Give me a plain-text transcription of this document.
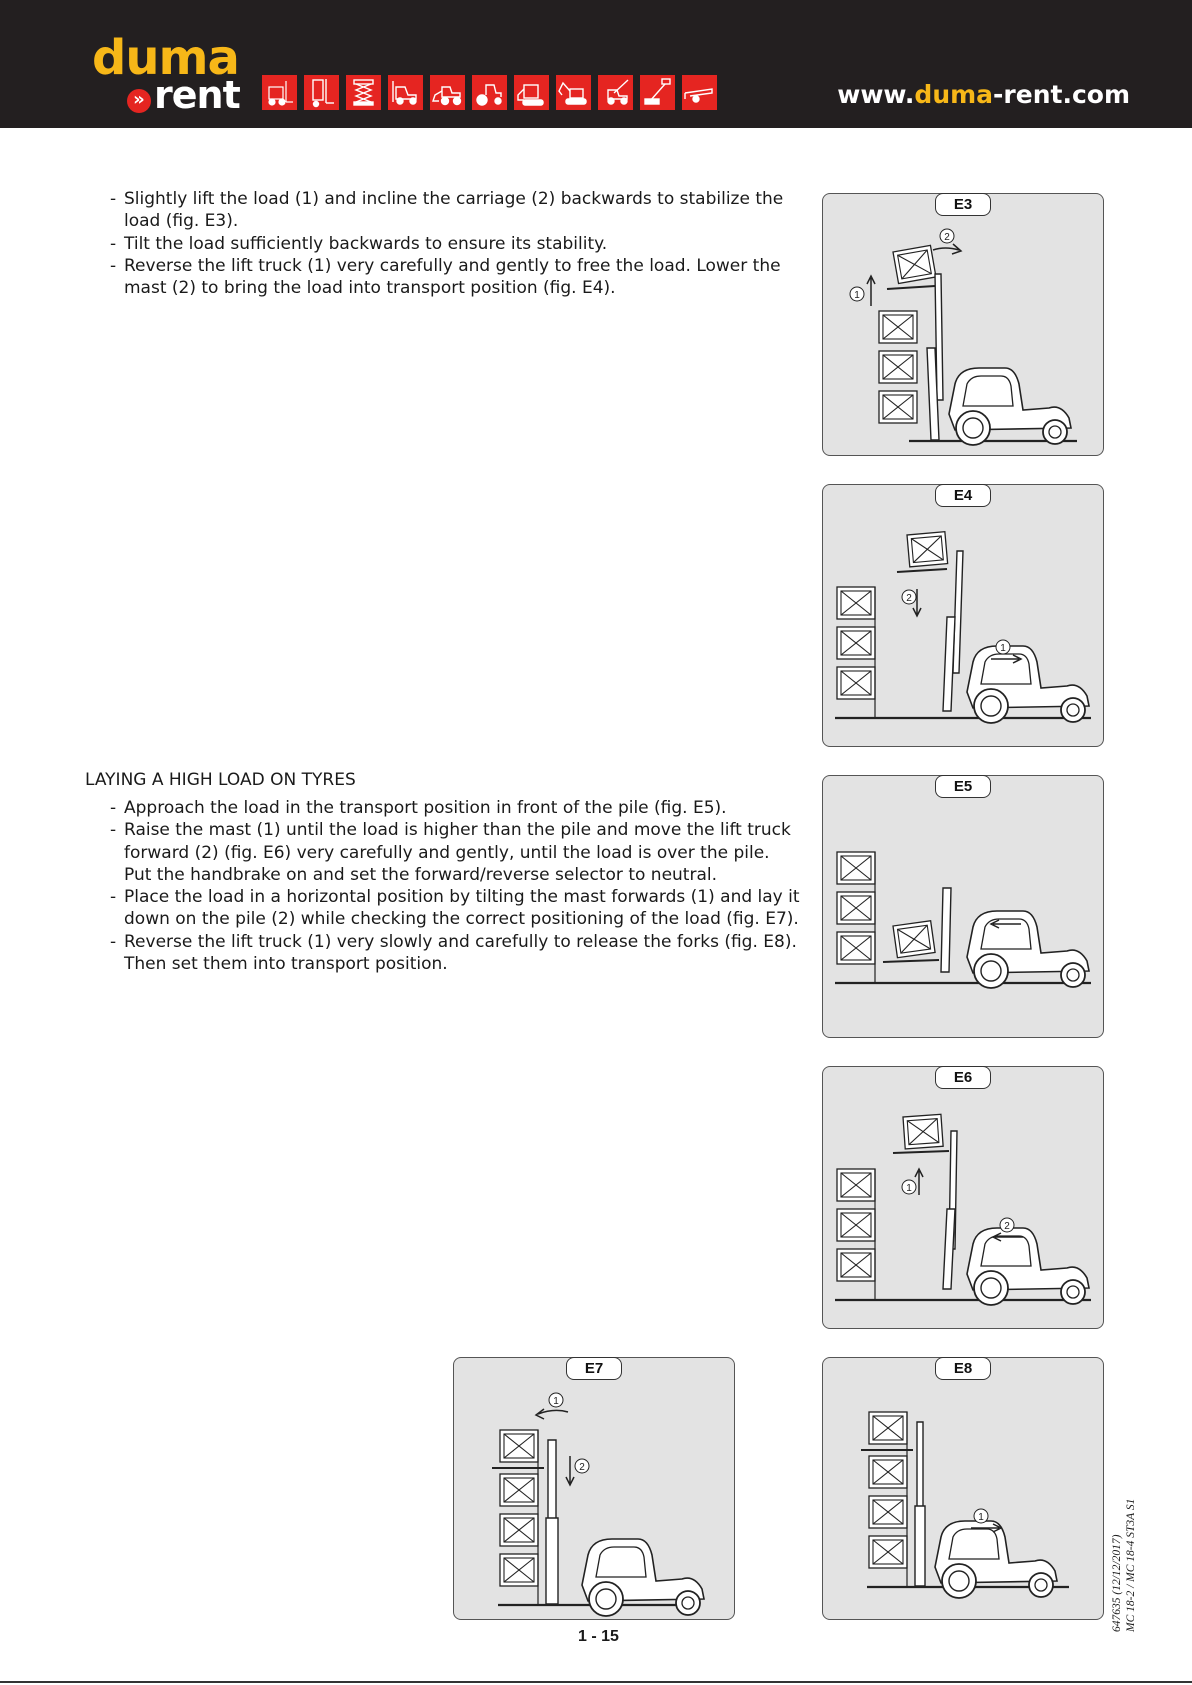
duma
» rent	www.duma-rent.com

- Slightly lift the load (1) and incline the carriage (2) backwards to stabilize the load (fig. E3).

- Tilt the load sufficiently backwards to ensure its stability.

- Reverse the lift truck (1) very carefully and gently to free the load. Lower the mast (2) to bring the load into transport position (fig. E4).

LAYING A HIGH LOAD ON TYRES

- Approach the load in the transport position in front of the pile (fig. E5).

- Raise the mast (1) until the load is higher than the pile and move the lift truck forward (2) (fig. E6) very carefully and gently, until the load is over the pile. Put the handbrake on and set the forward/reverse selector to neutral.

- Place the load in a horizontal position by tilting the mast forwards (1) and lay it down on the pile (2) while checking the correct positioning of the load (fig. E7).

- Reverse the lift truck (1) very slowly and carefully to release the forks (fig. E8). Then set them into transport position.

E3
E4
E5
E6
E7	E8
1 - 15
647635 (12/12/2017) MC 18-2 / MC 18-4 ST3A S1
